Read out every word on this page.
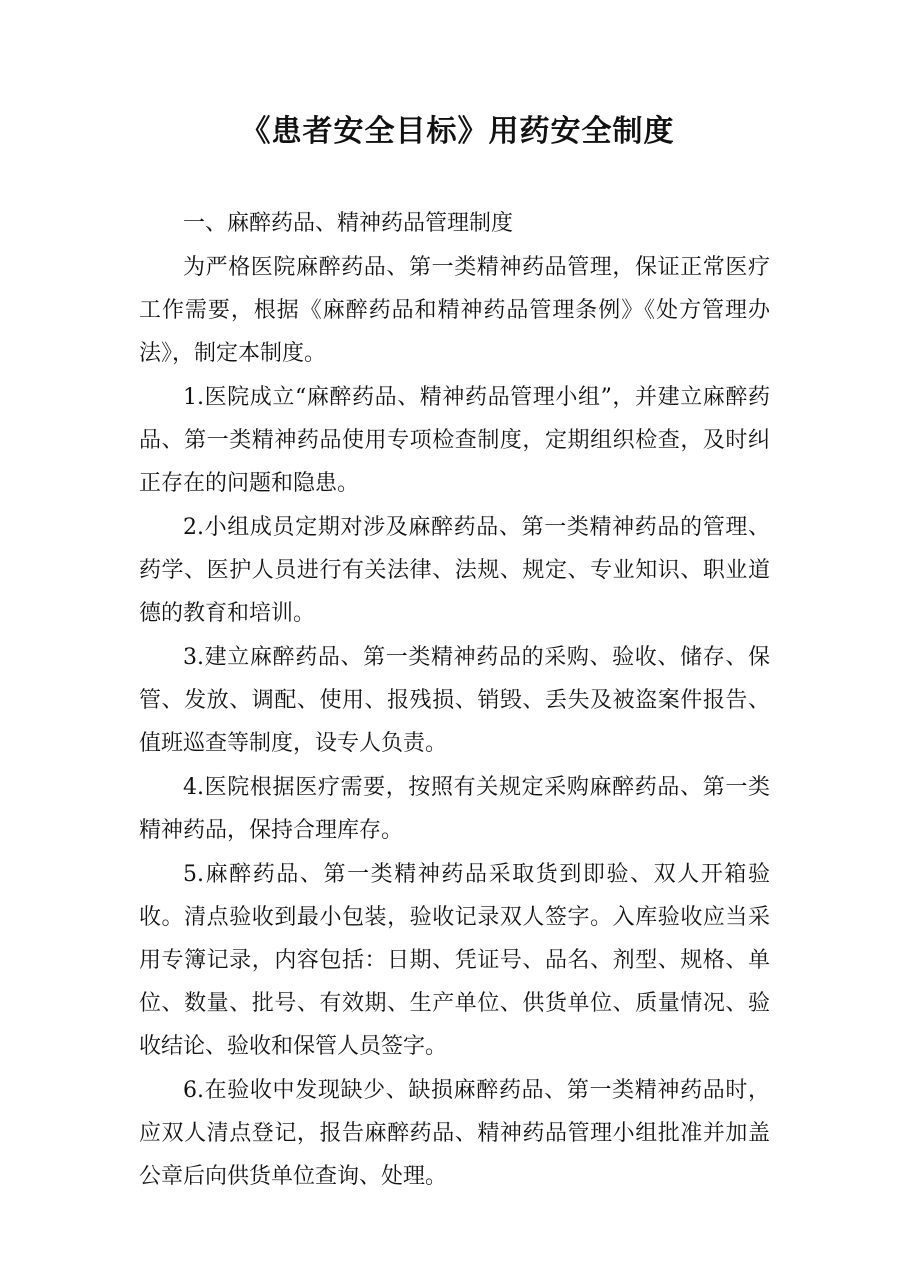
《患者安全目标》用药安全制度

一、麻醉药品、精神药品管理制度

为严格医院麻醉药品、第一类精神药品管理，保证正常医疗工作需要，根据《麻醉药品和精神药品管理条例》《处方管理办法》，制定本制度。

1.医院成立“麻醉药品、精神药品管理小组”，并建立麻醉药品、第一类精神药品使用专项检查制度，定期组织检查，及时纠正存在的问题和隐患。

2.小组成员定期对涉及麻醉药品、第一类精神药品的管理、药学、医护人员进行有关法律、法规、规定、专业知识、职业道德的教育和培训。

3.建立麻醉药品、第一类精神药品的采购、验收、储存、保管、发放、调配、使用、报残损、销毁、丢失及被盗案件报告、值班巡查等制度，设专人负责。

4.医院根据医疗需要，按照有关规定采购麻醉药品、第一类精神药品，保持合理库存。

5.麻醉药品、第一类精神药品采取货到即验、双人开箱验收。清点验收到最小包装，验收记录双人签字。入库验收应当采用专簿记录，内容包括：日期、凭证号、品名、剂型、规格、单位、数量、批号、有效期、生产单位、供货单位、质量情况、验收结论、验收和保管人员签字。

6.在验收中发现缺少、缺损麻醉药品、第一类精神药品时，应双人清点登记，报告麻醉药品、精神药品管理小组批准并加盖公章后向供货单位查询、处理。
